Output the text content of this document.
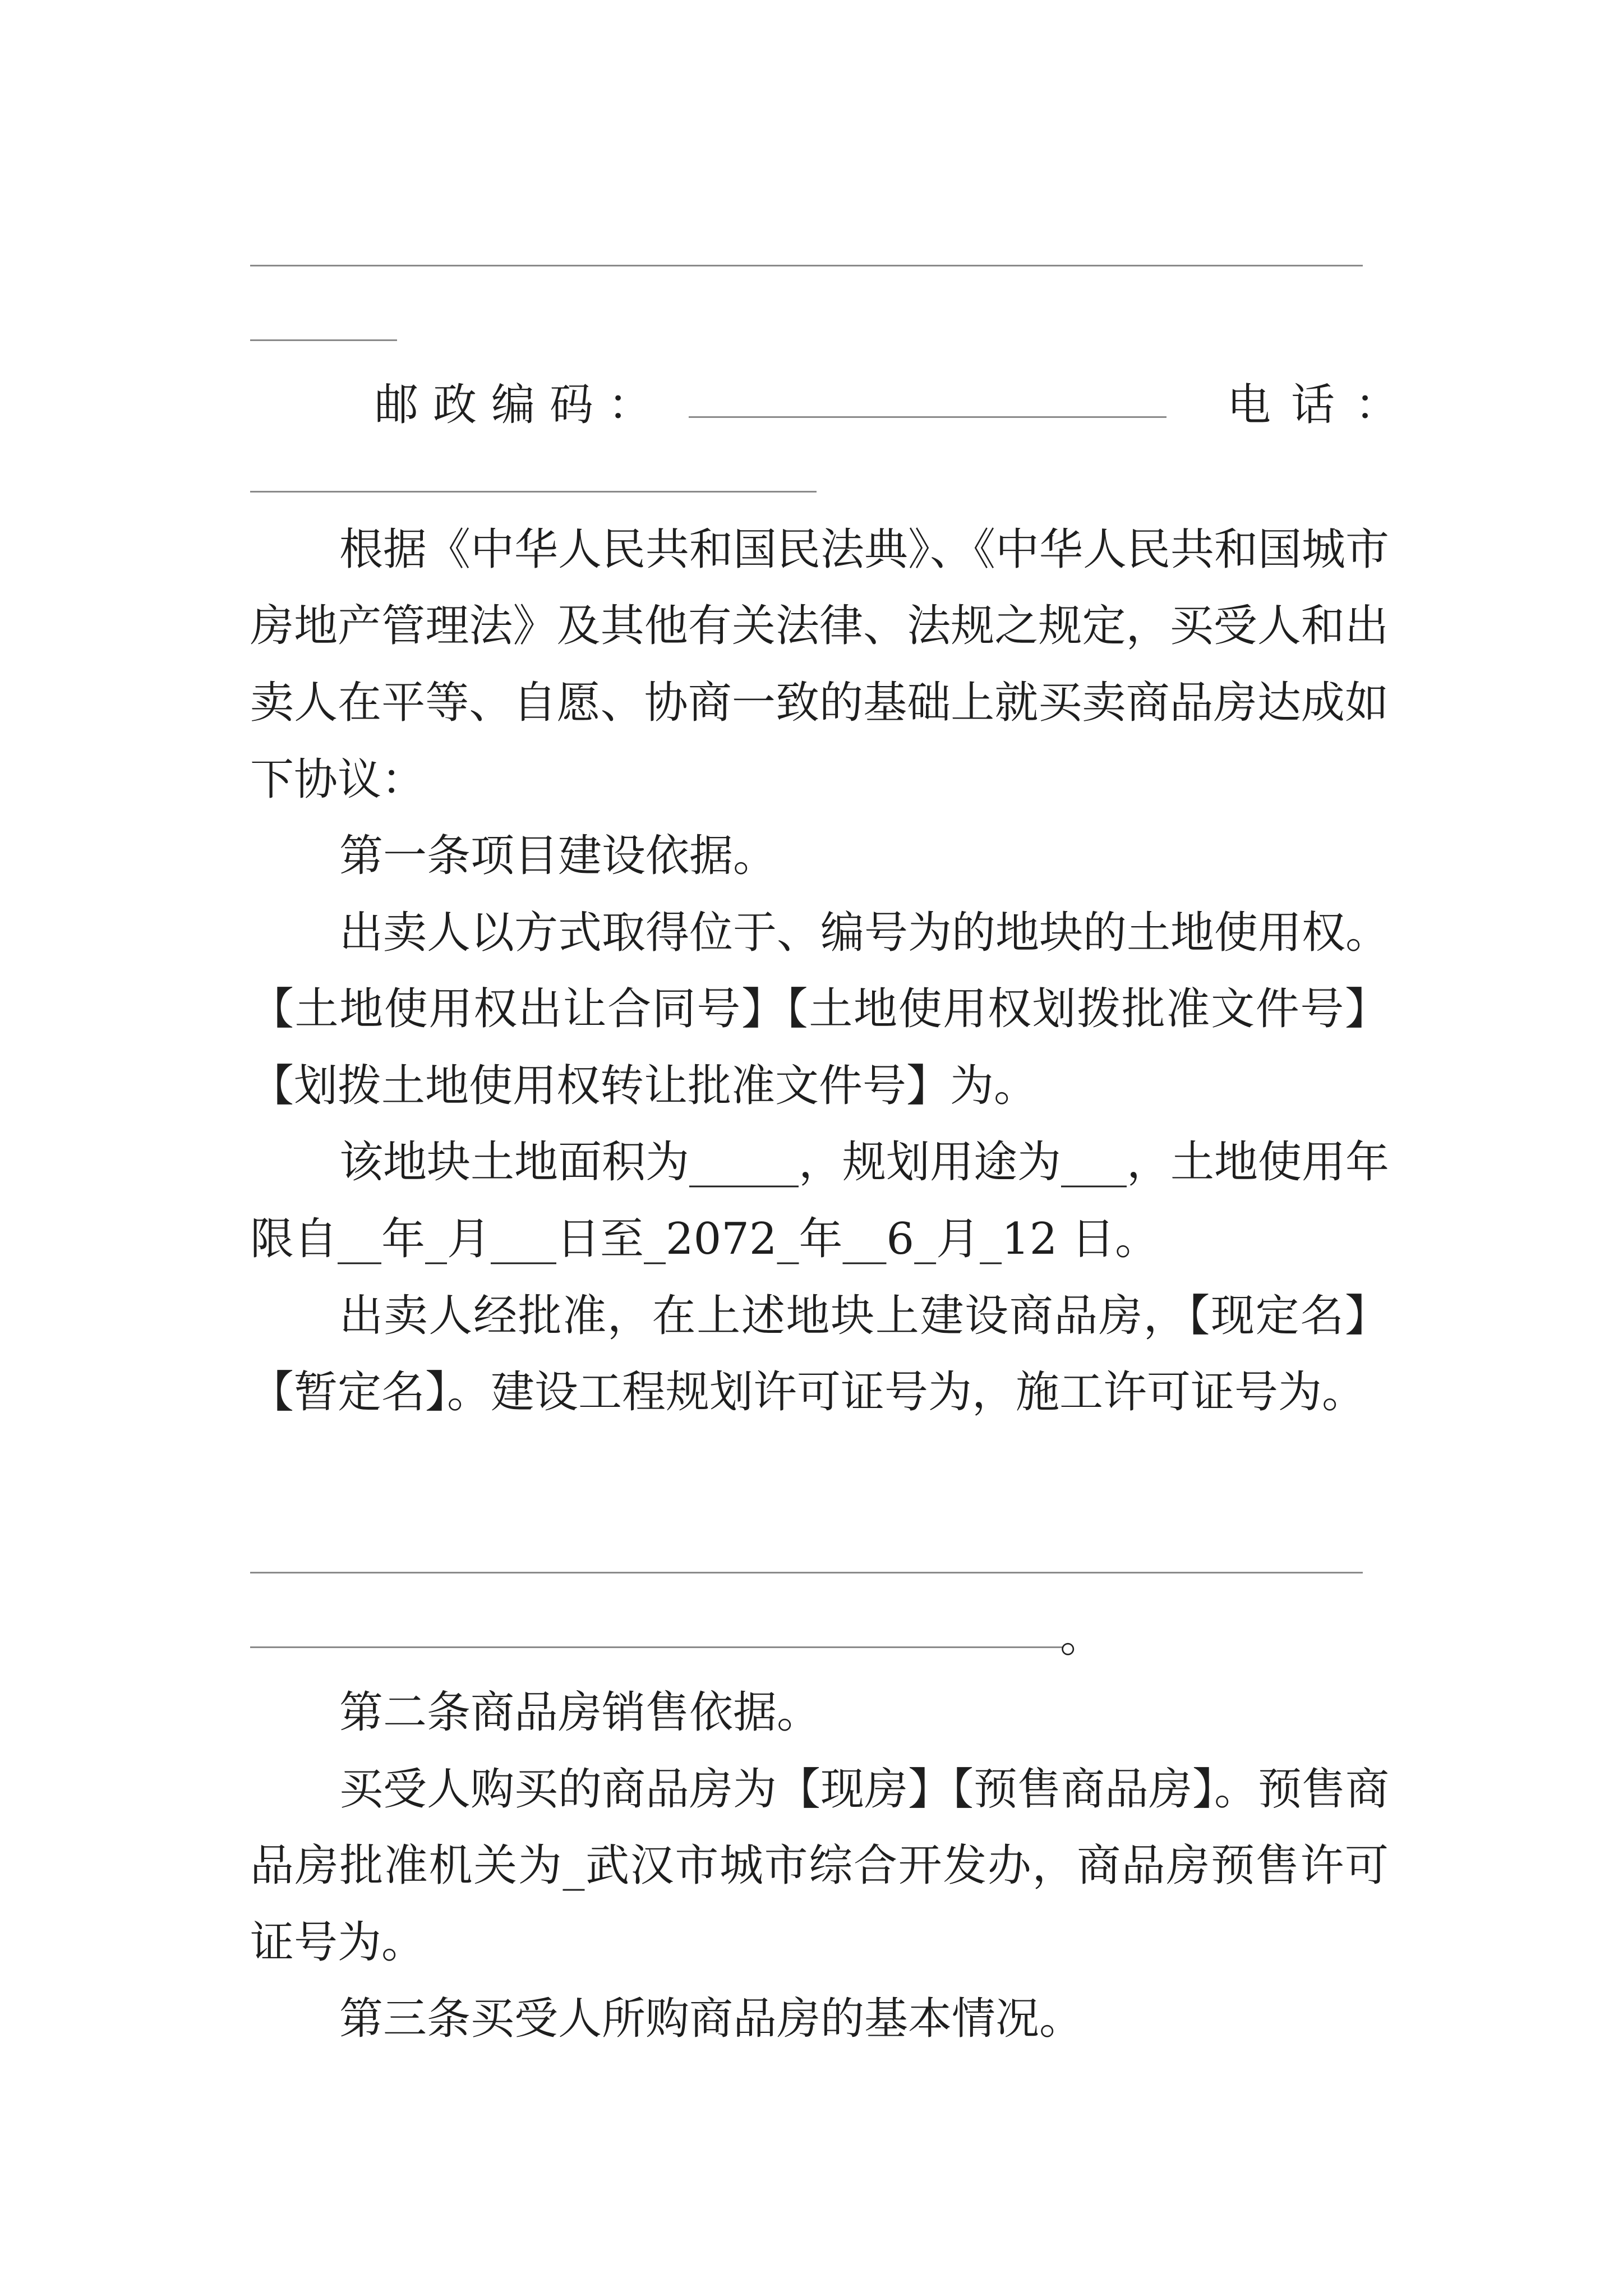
邮政编码：	电话：
根据《中华人民共和国民法典》、《中华人民共和国城市
房地产管理法》及其他有关法律、法规之规定，买受人和出
卖人在平等、自愿、协商一致的基础上就买卖商品房达成如
下协议：
第一条项目建设依据。
出卖人以方式取得位于、编号为的地块的土地使用权。
【土地使用权出让合同号】【土地使用权划拨批准文件号】
【划拨土地使用权转让批准文件号】为。
该地块土地面积为_____，规划用途为___，土地使用年
限自__年_月___日至_2072_年__6_月_12 日。
出卖人经批准，在上述地块上建设商品房，【现定名】
【暂定名】。建设工程规划许可证号为，施工许可证号为。
。
第二条商品房销售依据。
买受人购买的商品房为【现房】【预售商品房】。预售商
品房批准机关为_武汉市城市综合开发办，商品房预售许可
证号为。
第三条买受人所购商品房的基本情况。
